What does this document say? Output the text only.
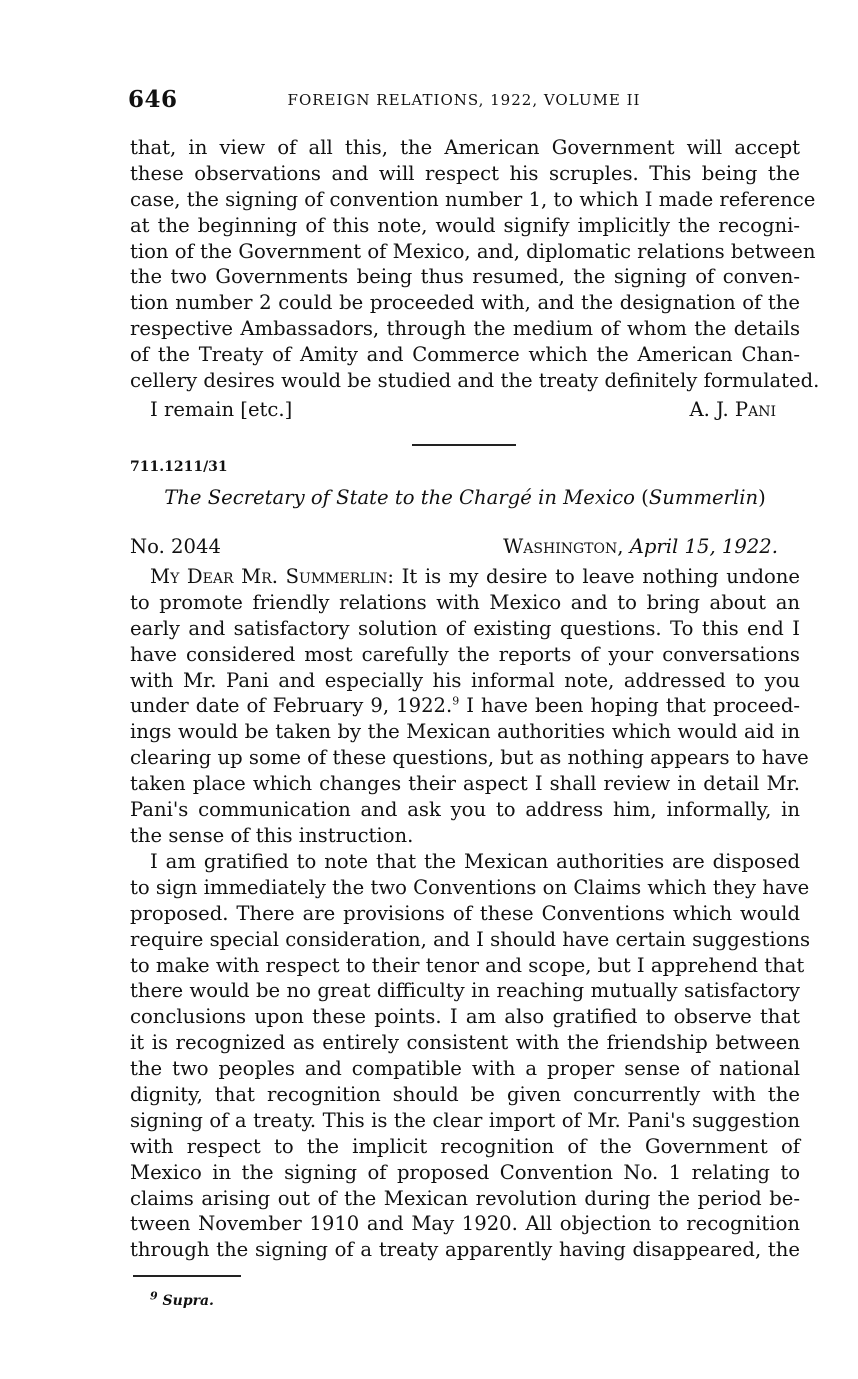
646	FOREIGN RELATIONS, 1922, VOLUME II
that, in view of all this, the American Government will accept
these observations and will respect his scruples. This being the
case, the signing of convention number 1, to which I made reference
at the beginning of this note, would signify implicitly the recogni-
tion of the Government of Mexico, and, diplomatic relations between
the two Governments being thus resumed, the signing of conven-
tion number 2 could be proceeded with, and the designation of the
respective Ambassadors, through the medium of whom the details
of the Treaty of Amity and Commerce which the American Chan-
cellery desires would be studied and the treaty definitely formulated.
I remain [etc.]	A. J. Pani
711.1211/31
The Secretary of State to the Chargé in Mexico (Summerlin)
No. 2044	Washington, April 15, 1922.
My Dear Mr. Summerlin: It is my desire to leave nothing undone
to promote friendly relations with Mexico and to bring about an
early and satisfactory solution of existing questions. To this end I
have considered most carefully the reports of your conversations
with Mr. Pani and especially his informal note, addressed to you
under date of February 9, 1922.$^9$ I have been hoping that proceed-
ings would be taken by the Mexican authorities which would aid in
clearing up some of these questions, but as nothing appears to have
taken place which changes their aspect I shall review in detail Mr.
Pani's communication and ask you to address him, informally, in
the sense of this instruction.
I am gratified to note that the Mexican authorities are disposed
to sign immediately the two Conventions on Claims which they have
proposed. There are provisions of these Conventions which would
require special consideration, and I should have certain suggestions
to make with respect to their tenor and scope, but I apprehend that
there would be no great difficulty in reaching mutually satisfactory
conclusions upon these points. I am also gratified to observe that
it is recognized as entirely consistent with the friendship between
the two peoples and compatible with a proper sense of national
dignity, that recognition should be given concurrently with the
signing of a treaty. This is the clear import of Mr. Pani's suggestion
with respect to the implicit recognition of the Government of
Mexico in the signing of proposed Convention No. 1 relating to
claims arising out of the Mexican revolution during the period be-
tween November 1910 and May 1920. All objection to recognition
through the signing of a treaty apparently having disappeared, the
$^9$ Supra.
